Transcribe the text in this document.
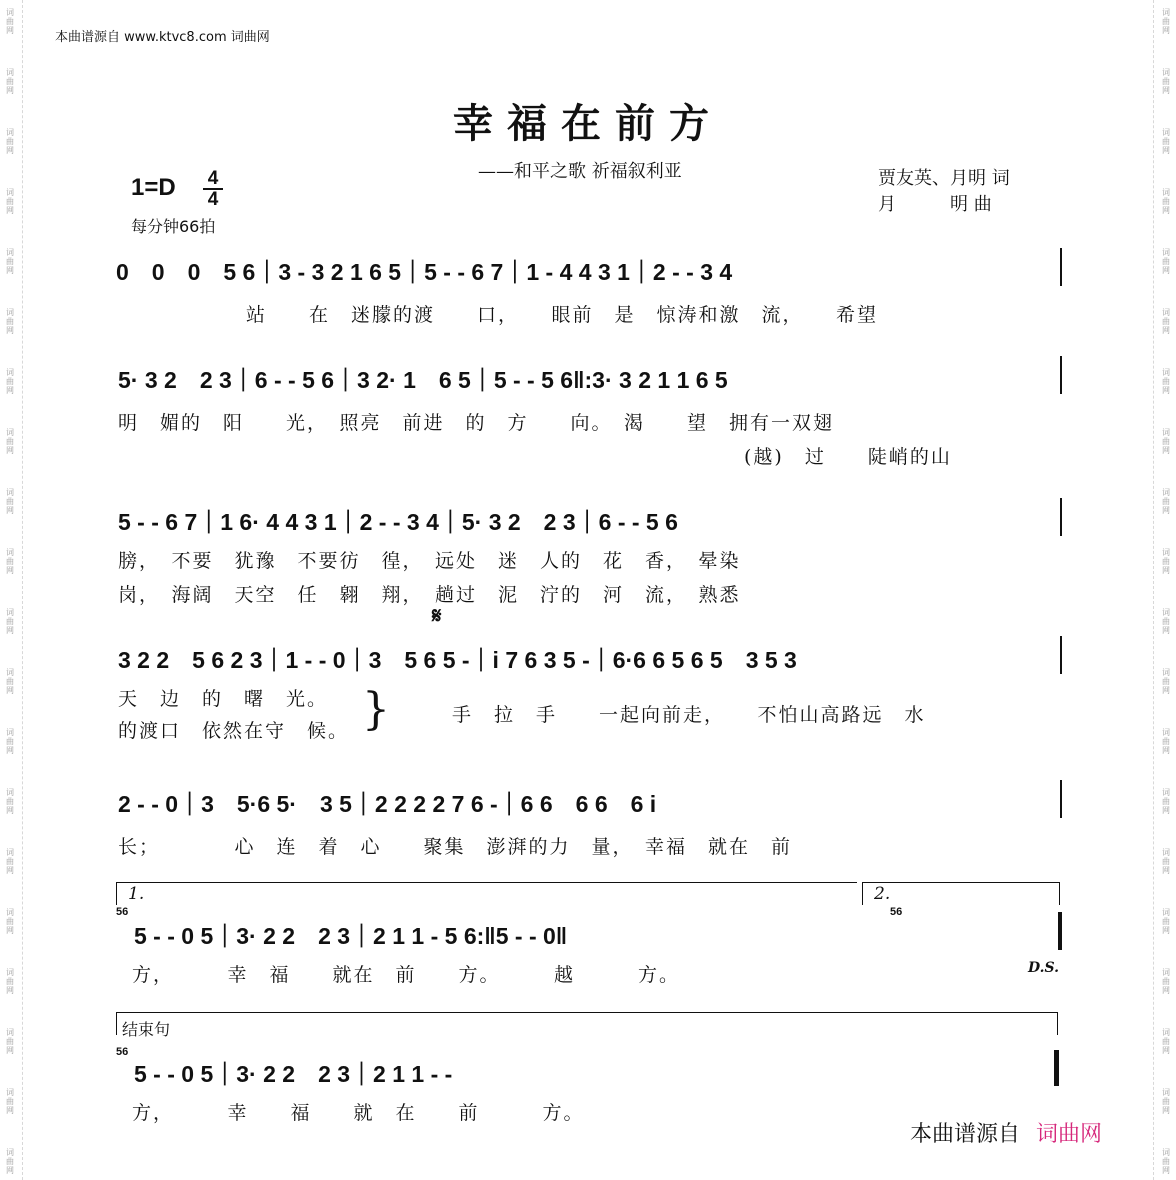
本曲谱源自 www.ktvc8.com 词曲网
幸福在前方
——和平之歌 祈福叙利亚
1=D 4
4
每分钟66拍
贾友英、月明 词
月　　　明 曲
0　0　0　5 6｜3 - 3 2 1 6 5｜5 - - 6 7｜1 - 4 4 3 1｜2 - - 3 4
站　　在　迷朦的渡　　口，　　眼前　是　惊涛和激　流，　　希望
5· 3 2　2 3｜6 - - 5 6｜3 2· 1　6 5｜5 - - 5 6‖:3· 3 2 1 1 6 5
明　媚的　阳　　光，　照亮　前进　的　方　　向。　渴　　望　拥有一双翅
(越)　过　　陡峭的山
5 - - 6 7｜1 6· 4 4 3 1｜2 - - 3 4｜5· 3 2　2 3｜6 - - 5 6
膀，　不要　犹豫　不要彷　徨，　远处　迷　人的　花　香，　晕染
岗，　海阔　天空　任　翱　翔，　趟过　泥　泞的　河　流，　熟悉
𝄋
3 2 2　5 6 2 3｜1 - - 0｜3　5 6 5 -｜i 7 6 3 5 -｜6·6 6 5 6 5　3 5 3
天　边　的　曙　光。
的渡口　依然在守　候。 }	手　拉　手　　一起向前走，　　不怕山高路远　水
2 - - 0｜3　5·6 5·　3 5｜2 2 2 2 7 6 -｜6 6　6 6　6 i
长；　　　　心　连　着　心　　聚集　澎湃的力　量，　幸福　就在　前
1.	2.
56	56
5 - - 0 5｜3· 2 2　2 3｜2 1 1 - 5 6:‖5 - - 0‖
方，　　　幸　福　　就在　前　　方。　　　越　　　方。	D.S.
结束句
56
5 - - 0 5｜3· 2 2　2 3｜2 1 1 - -
方，　　　幸　　福　　就　在　　前　　　方。
本曲谱源自 词曲网
词
曲
网
词
曲
网
词
曲
网
词
曲
网
词
曲
网
词
曲
网
词
曲
网
词
曲
网
词
曲
网
词
曲
网
词
曲
网
词
曲
网
词
曲
网
词
曲
网
词
曲
网
词
曲
网
词
曲
网
词
曲
网
词
曲
网
词
曲
网
词
曲
网
词
曲
网
词
曲
网
词
曲
网
词
曲
网
词
曲
网
词
曲
网
词
曲
网
词
曲
网
词
曲
网
词
曲
网
词
曲
网
词
曲
网
词
曲
网
词
曲
网
词
曲
网
词
曲
网
词
曲
网
词
曲
网
词
曲
网
